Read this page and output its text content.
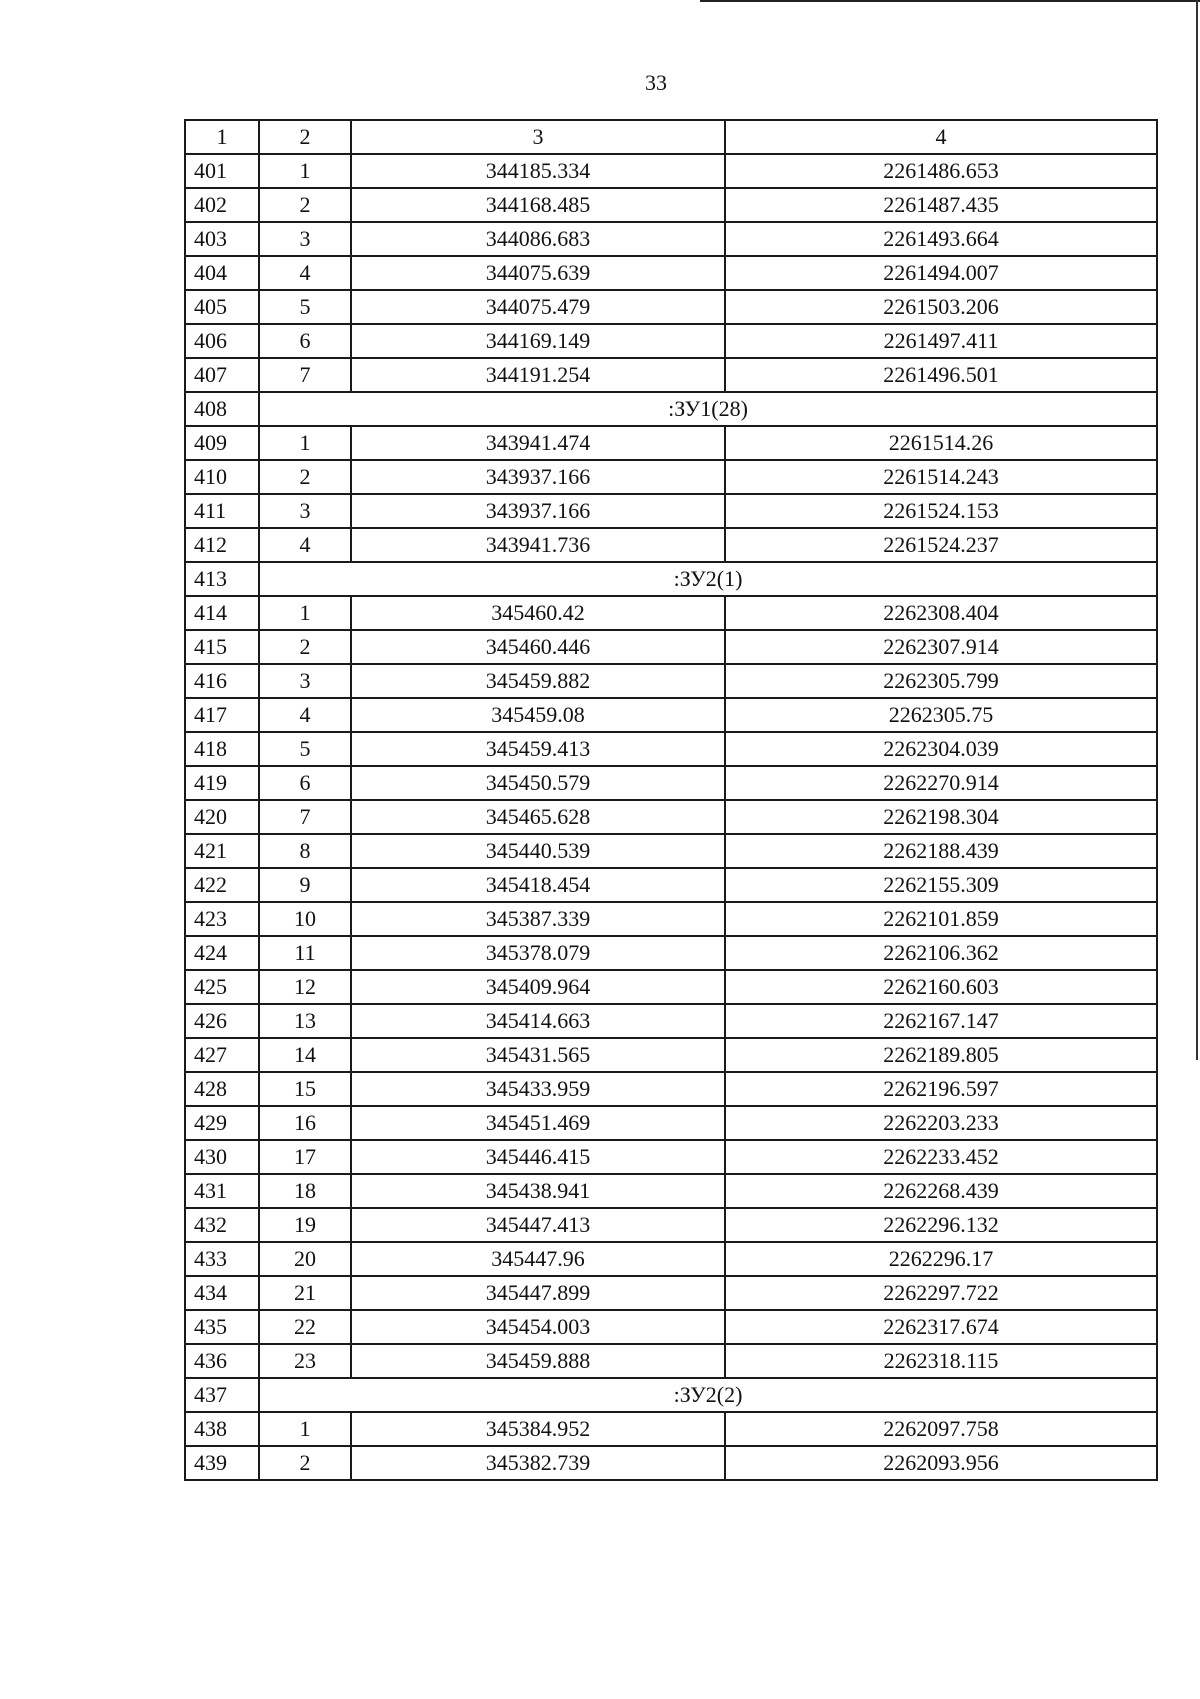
33
1	2	3	4
401	1	344185.334	2261486.653
402	2	344168.485	2261487.435
403	3	344086.683	2261493.664
404	4	344075.639	2261494.007
405	5	344075.479	2261503.206
406	6	344169.149	2261497.411
407	7	344191.254	2261496.501
408	:ЗУ1(28)		
409	1	343941.474	2261514.26
410	2	343937.166	2261514.243
411	3	343937.166	2261524.153
412	4	343941.736	2261524.237
413	:ЗУ2(1)		
414	1	345460.42	2262308.404
415	2	345460.446	2262307.914
416	3	345459.882	2262305.799
417	4	345459.08	2262305.75
418	5	345459.413	2262304.039
419	6	345450.579	2262270.914
420	7	345465.628	2262198.304
421	8	345440.539	2262188.439
422	9	345418.454	2262155.309
423	10	345387.339	2262101.859
424	11	345378.079	2262106.362
425	12	345409.964	2262160.603
426	13	345414.663	2262167.147
427	14	345431.565	2262189.805
428	15	345433.959	2262196.597
429	16	345451.469	2262203.233
430	17	345446.415	2262233.452
431	18	345438.941	2262268.439
432	19	345447.413	2262296.132
433	20	345447.96	2262296.17
434	21	345447.899	2262297.722
435	22	345454.003	2262317.674
436	23	345459.888	2262318.115
437	:ЗУ2(2)		
438	1	345384.952	2262097.758
439	2	345382.739	2262093.956
